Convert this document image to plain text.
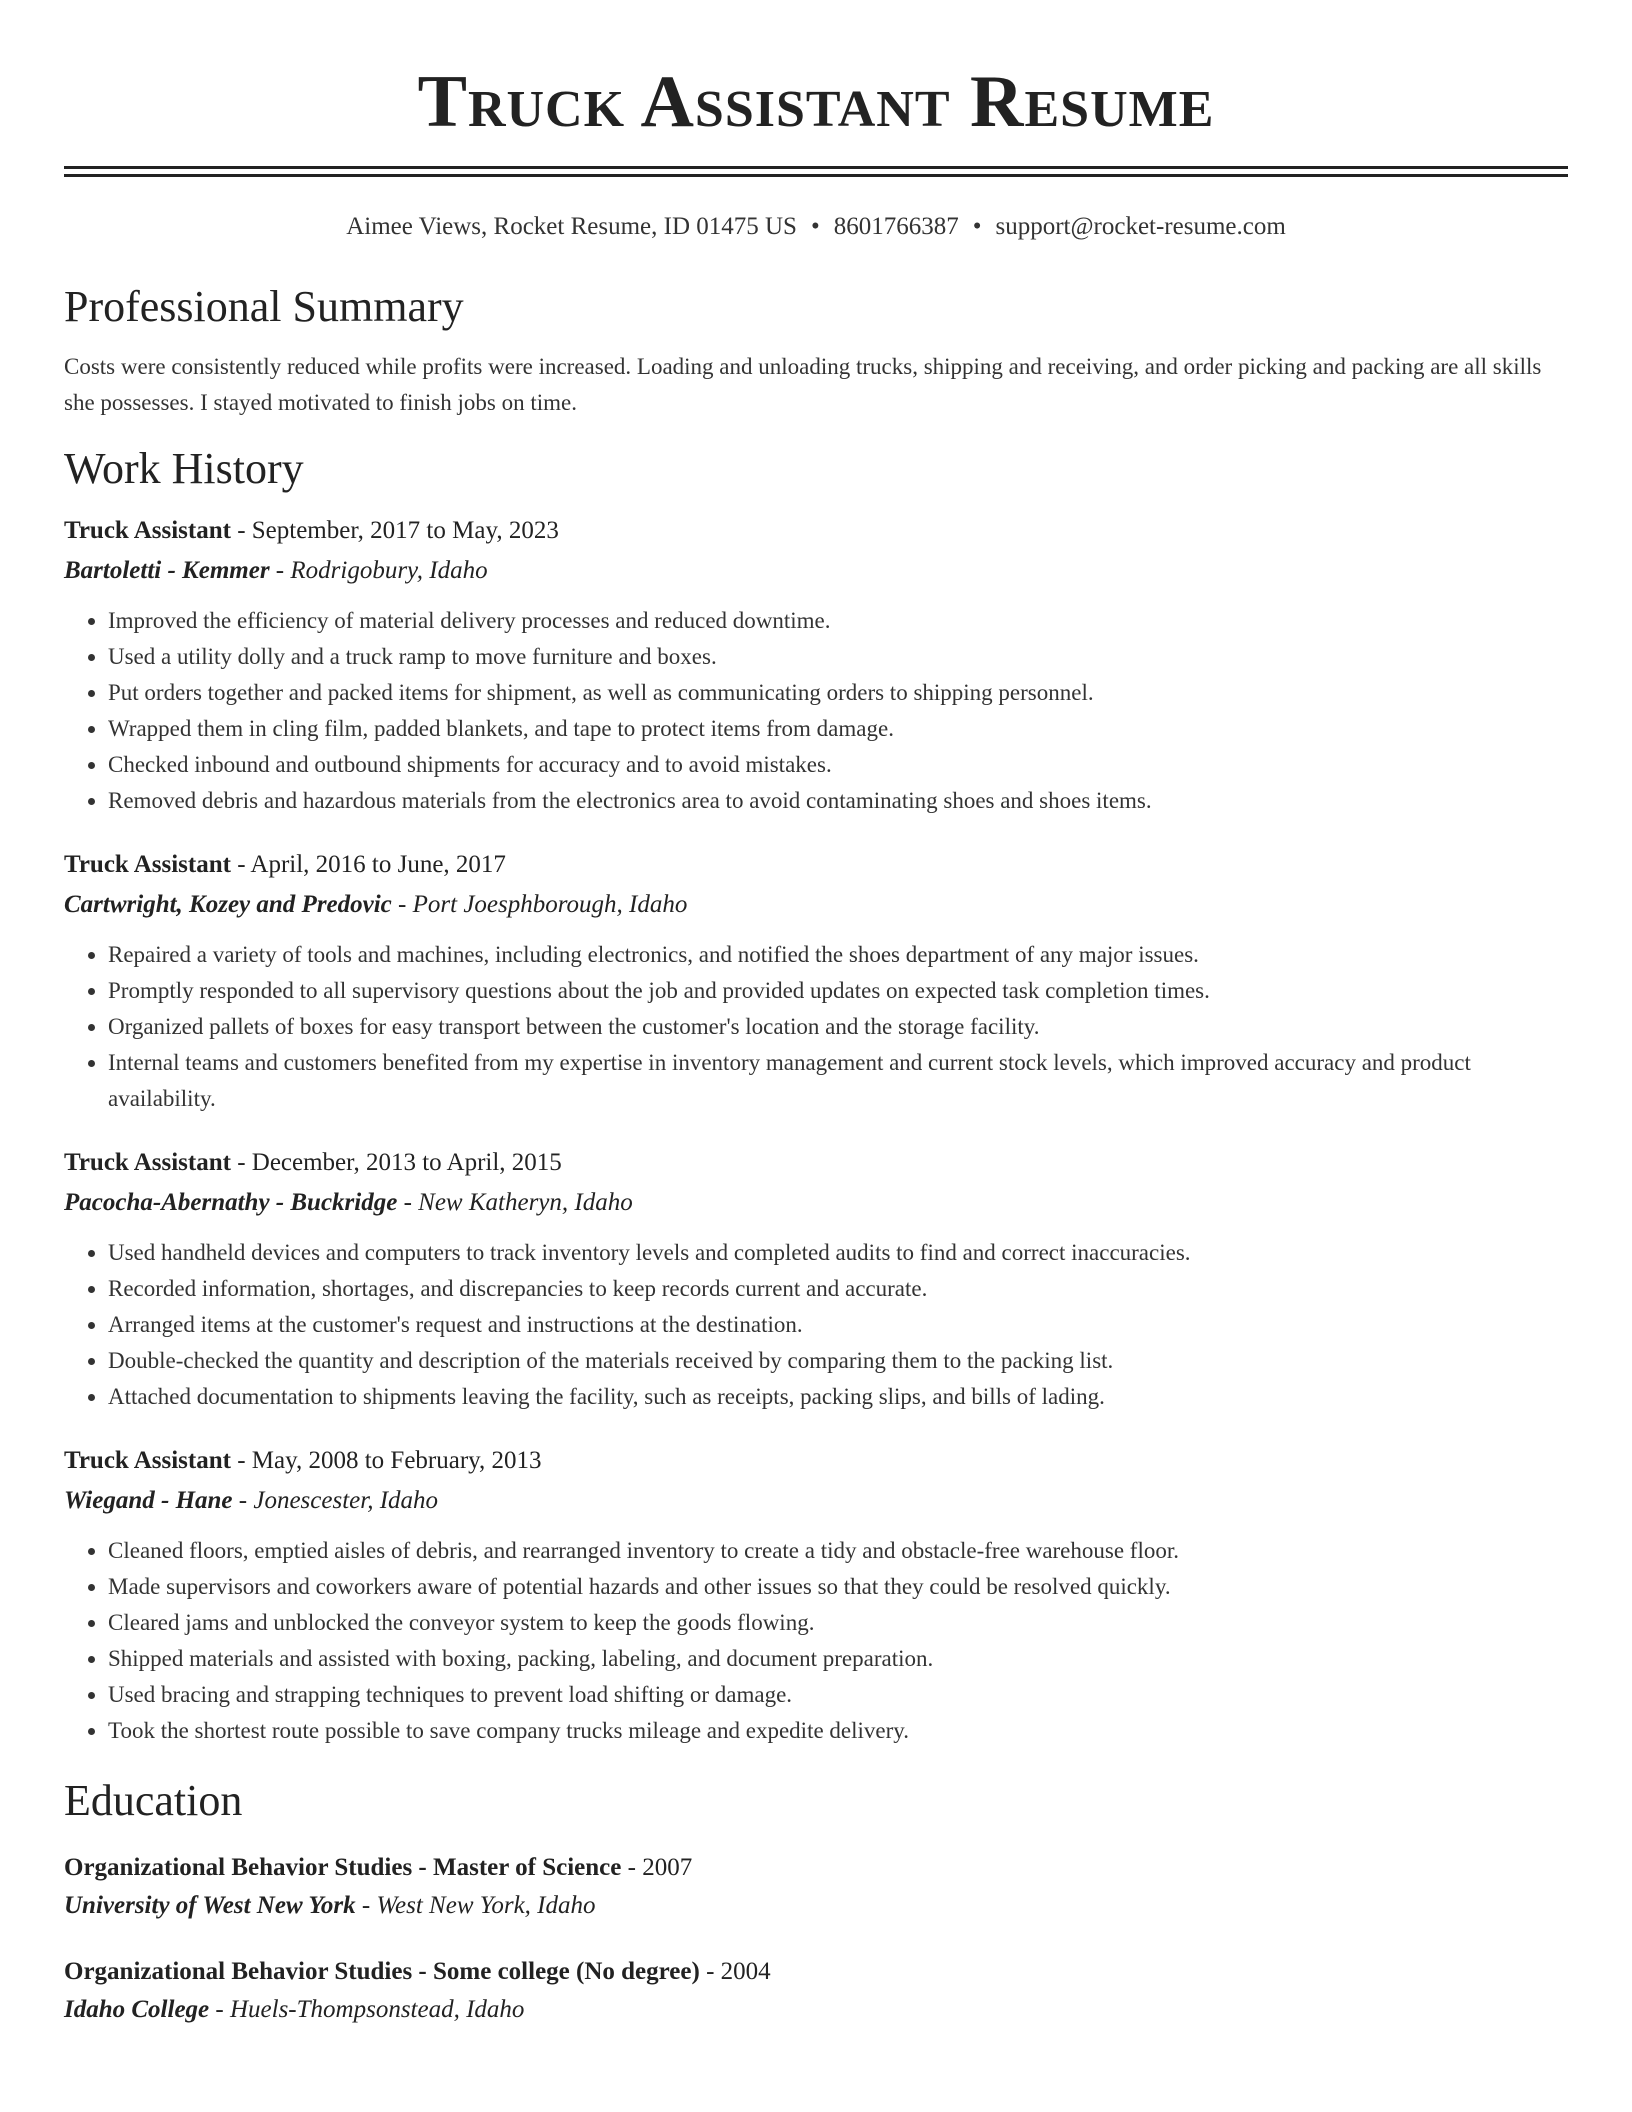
Truck Assistant Resume
Aimee Views, Rocket Resume, ID 01475 US • 8601766387 • support@rocket-resume.com
Professional Summary
Costs were consistently reduced while profits were increased. Loading and unloading trucks, shipping and receiving, and order picking and packing are all skills she possesses. I stayed motivated to finish jobs on time.
Work History
Truck Assistant - September, 2017 to May, 2023
Bartoletti - Kemmer - Rodrigobury, Idaho
• Improved the efficiency of material delivery processes and reduced downtime.
• Used a utility dolly and a truck ramp to move furniture and boxes.
• Put orders together and packed items for shipment, as well as communicating orders to shipping personnel.
• Wrapped them in cling film, padded blankets, and tape to protect items from damage.
• Checked inbound and outbound shipments for accuracy and to avoid mistakes.
• Removed debris and hazardous materials from the electronics area to avoid contaminating shoes and shoes items.
Truck Assistant - April, 2016 to June, 2017
Cartwright, Kozey and Predovic - Port Joesphborough, Idaho
• Repaired a variety of tools and machines, including electronics, and notified the shoes department of any major issues.
• Promptly responded to all supervisory questions about the job and provided updates on expected task completion times.
• Organized pallets of boxes for easy transport between the customer's location and the storage facility.
• Internal teams and customers benefited from my expertise in inventory management and current stock levels, which improved accuracy and product availability.
Truck Assistant - December, 2013 to April, 2015
Pacocha-Abernathy - Buckridge - New Katheryn, Idaho
• Used handheld devices and computers to track inventory levels and completed audits to find and correct inaccuracies.
• Recorded information, shortages, and discrepancies to keep records current and accurate.
• Arranged items at the customer's request and instructions at the destination.
• Double-checked the quantity and description of the materials received by comparing them to the packing list.
• Attached documentation to shipments leaving the facility, such as receipts, packing slips, and bills of lading.
Truck Assistant - May, 2008 to February, 2013
Wiegand - Hane - Jonescester, Idaho
• Cleaned floors, emptied aisles of debris, and rearranged inventory to create a tidy and obstacle-free warehouse floor.
• Made supervisors and coworkers aware of potential hazards and other issues so that they could be resolved quickly.
• Cleared jams and unblocked the conveyor system to keep the goods flowing.
• Shipped materials and assisted with boxing, packing, labeling, and document preparation.
• Used bracing and strapping techniques to prevent load shifting or damage.
• Took the shortest route possible to save company trucks mileage and expedite delivery.
Education
Organizational Behavior Studies - Master of Science - 2007
University of West New York - West New York, Idaho
Organizational Behavior Studies - Some college (No degree) - 2004
Idaho College - Huels-Thompsonstead, Idaho
